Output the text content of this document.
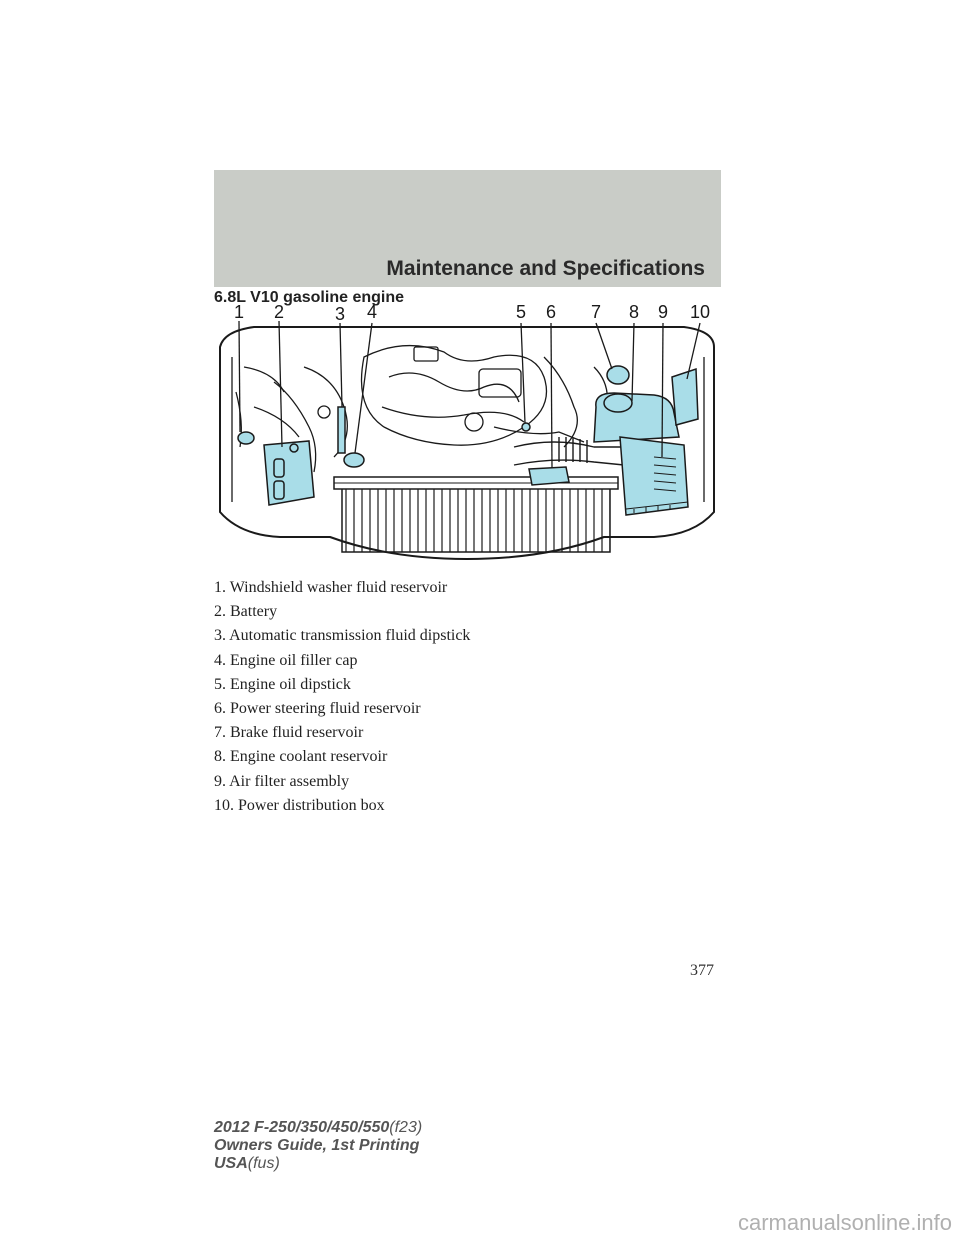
Maintenance and Specifications
6.8L V10 gasoline engine
1 2	3 4	5 6 7 8 9 10
1. Windshield washer fluid reservoir
2. Battery
3. Automatic transmission fluid dipstick
4. Engine oil filler cap
5. Engine oil dipstick
6. Power steering fluid reservoir
7. Brake fluid reservoir
8. Engine coolant reservoir
9. Air filter assembly
10. Power distribution box
377
2012 F-250/350/450/550(f23)
Owners Guide, 1st Printing
USA(fus)
carmanualsonline.info
